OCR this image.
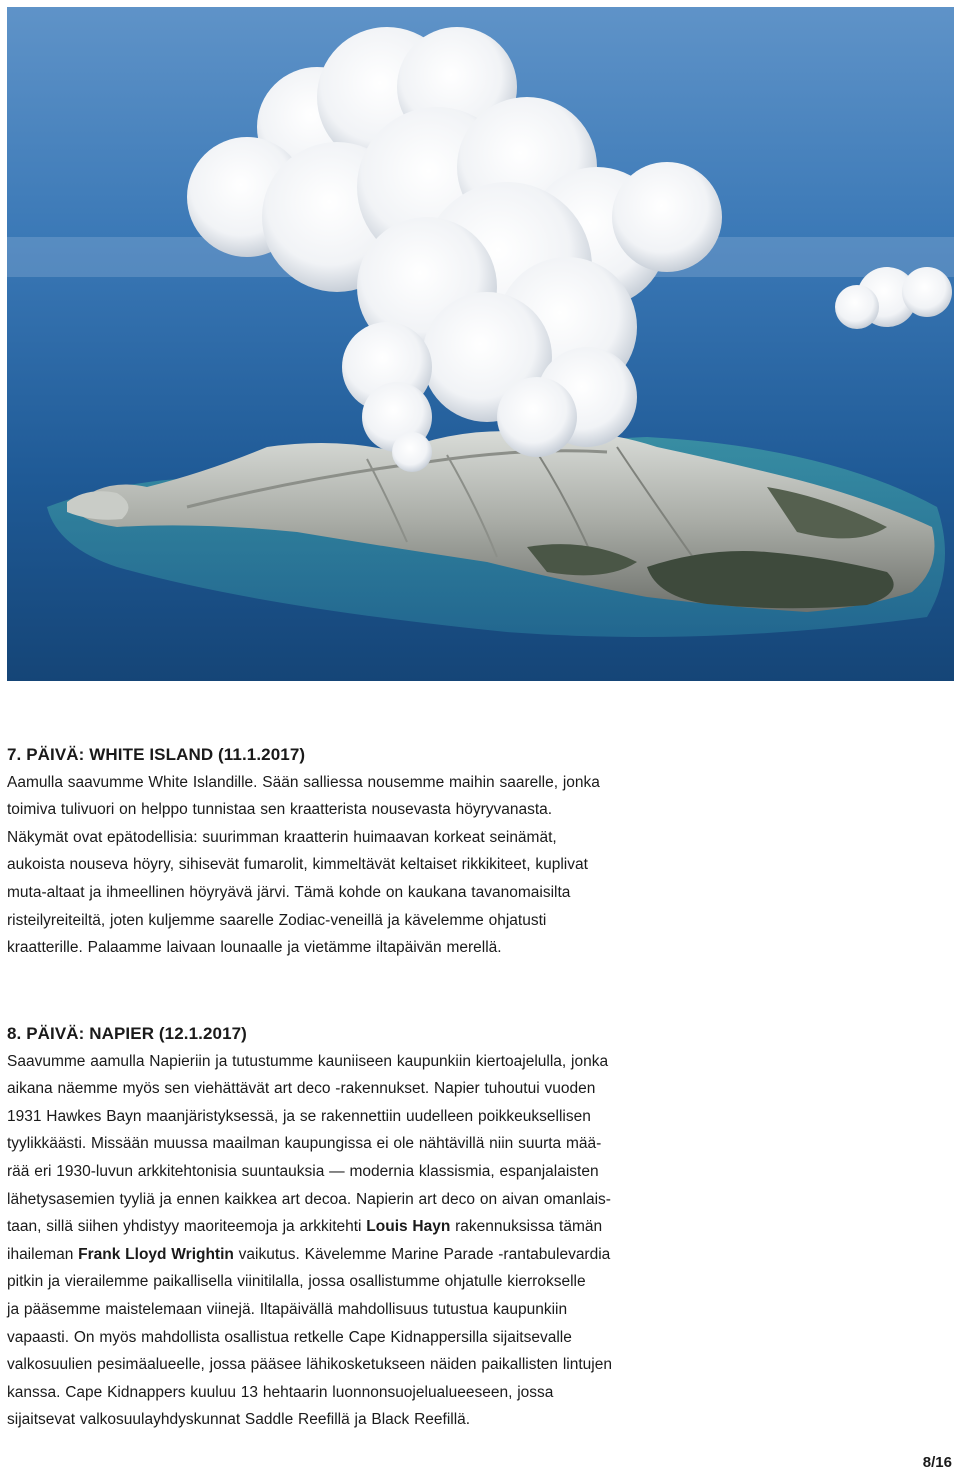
7. PÄIVÄ: WHITE ISLAND (11.1.2017)

Aamulla saavumme White Islandille. Sään salliessa nousemme maihin saarelle, jonka
toimiva tulivuori on helppo tunnistaa sen kraatterista nousevasta höyryvanasta.
Näkymät ovat epätodellisia: suurimman kraatterin huimaavan korkeat seinämät,
aukoista nouseva höyry, sihisevät fumarolit, kimmeltävät keltaiset rikkikiteet, kuplivat
muta-altaat ja ihmeellinen höyryävä järvi. Tämä kohde on kaukana tavanomaisilta
risteilyreiteiltä, joten kuljemme saarelle Zodiac-veneillä ja kävelemme ohjatusti
kraatterille. Palaamme laivaan lounaalle ja vietämme iltapäivän merellä.

8. PÄIVÄ: NAPIER (12.1.2017)

Saavumme aamulla Napieriin ja tutustumme kauniiseen kaupunkiin kiertoajelulla, jonka
aikana näemme myös sen viehättävät art deco -rakennukset. Napier tuhoutui vuoden
1931 Hawkes Bayn maanjäristyksessä, ja se rakennettiin uudelleen poikkeuksellisen
tyylikkäästi. Missään muussa maailman kaupungissa ei ole nähtävillä niin suurta mää-
rää eri 1930-luvun arkkitehtonisia suuntauksia — modernia klassismia, espanjalaisten
lähetysasemien tyyliä ja ennen kaikkea art decoa. Napierin art deco on aivan omanlais-
taan, sillä siihen yhdistyy maoriteemoja ja arkkitehti Louis Hayn rakennuksissa tämän
ihaileman Frank Lloyd Wrightin vaikutus. Kävelemme Marine Parade -rantabulevardia
pitkin ja vierailemme paikallisella viinitilalla, jossa osallistumme ohjatulle kierrokselle
ja pääsemme maistelemaan viinejä. Iltapäivällä mahdollisuus tutustua kaupunkiin
vapaasti. On myös mahdollista osallistua retkelle Cape Kidnappersilla sijaitsevalle
valkosuulien pesimäalueelle, jossa pääsee lähikosketukseen näiden paikallisten lintujen
kanssa. Cape Kidnappers kuuluu 13 hehtaarin luonnonsuojelualueeseen, jossa
sijaitsevat valkosuulayhdyskunnat Saddle Reefillä ja Black Reefillä.

8/16
